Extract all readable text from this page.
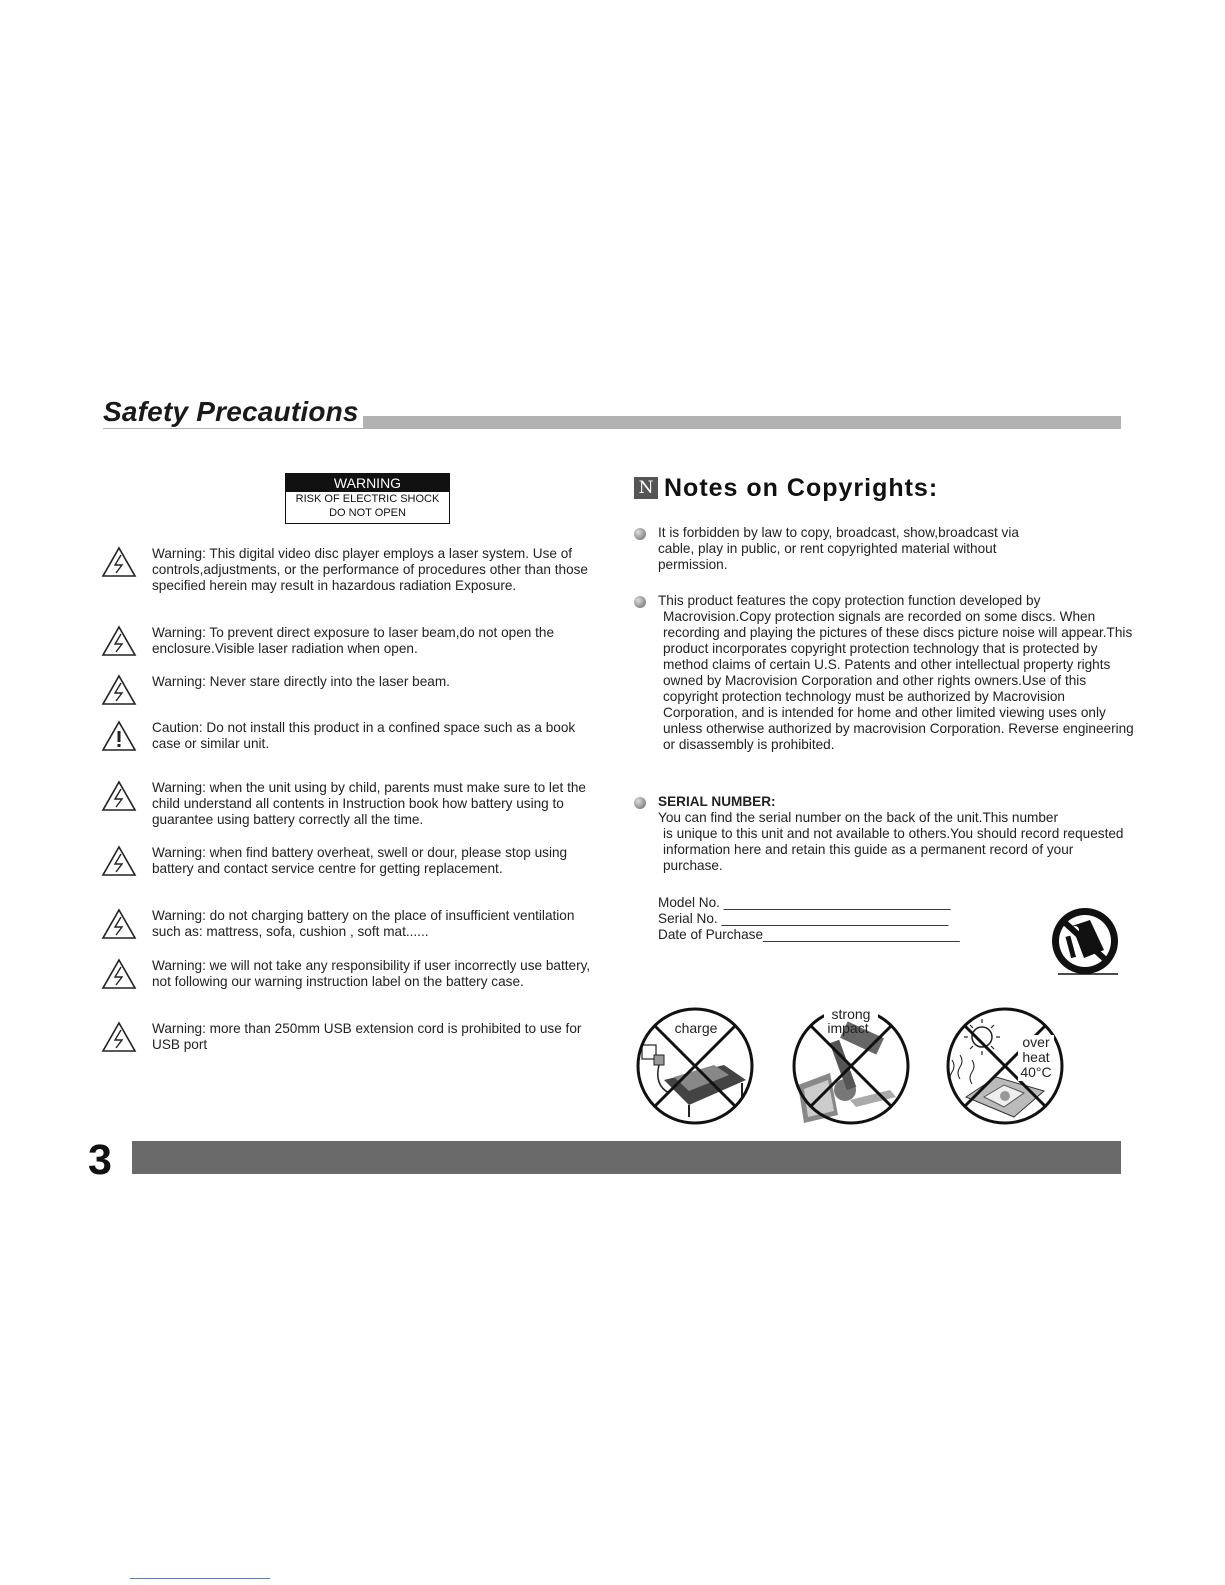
Safety Precautions
WARNING
RISK OF ELECTRIC SHOCK
DO NOT OPEN
Warning: This digital video disc player employs a laser system. Use of controls,adjustments, or the performance of procedures other than those specified herein may result in hazardous radiation Exposure.
Warning: To prevent direct exposure to laser beam,do not open the enclosure.Visible laser radiation when open.
Warning: Never stare directly into the laser beam.
Caution: Do not install this product in a confined space such as a book case or similar unit.
Warning: when the unit using by child, parents must make sure to let the child understand all contents in Instruction book how battery using to guarantee using battery correctly all the time.
Warning: when find battery overheat, swell or dour, please stop using battery and contact service centre for getting replacement.
Warning: do not charging battery on the place of insufficient ventilation such as: mattress, sofa, cushion , soft mat......
Warning: we will not take any responsibility if user incorrectly use battery, not following our warning instruction label on the battery case.
Warning: more than 250mm USB extension cord is prohibited to use for USB port
N Notes on Copyrights:
It is forbidden by law to copy, broadcast, show,broadcast via
cable, play in public, or rent copyrighted material without permission.
This product features the copy protection function developed by
Macrovision.Copy protection signals are recorded on some discs. When recording and playing the pictures of these discs picture noise will appear.This product incorporates copyright protection technology that is protected by method claims of certain U.S. Patents and other intellectual property rights owned by Macrovision Corporation and other rights owners.Use of this copyright protection technology must be authorized by Macrovision Corporation, and is intended for home and other limited viewing uses only unless otherwise authorized by macrovision Corporation. Reverse engineering or disassembly is prohibited.
SERIAL NUMBER:
You can find the serial number on the back of the unit.This number
is unique to this unit and not available to others.You should record requested information here and retain this guide as a permanent record of your purchase.
Model No. ______________________________
Serial No. ______________________________
Date of Purchase__________________________
charge
strong
impact
over
heat
40°C
3
